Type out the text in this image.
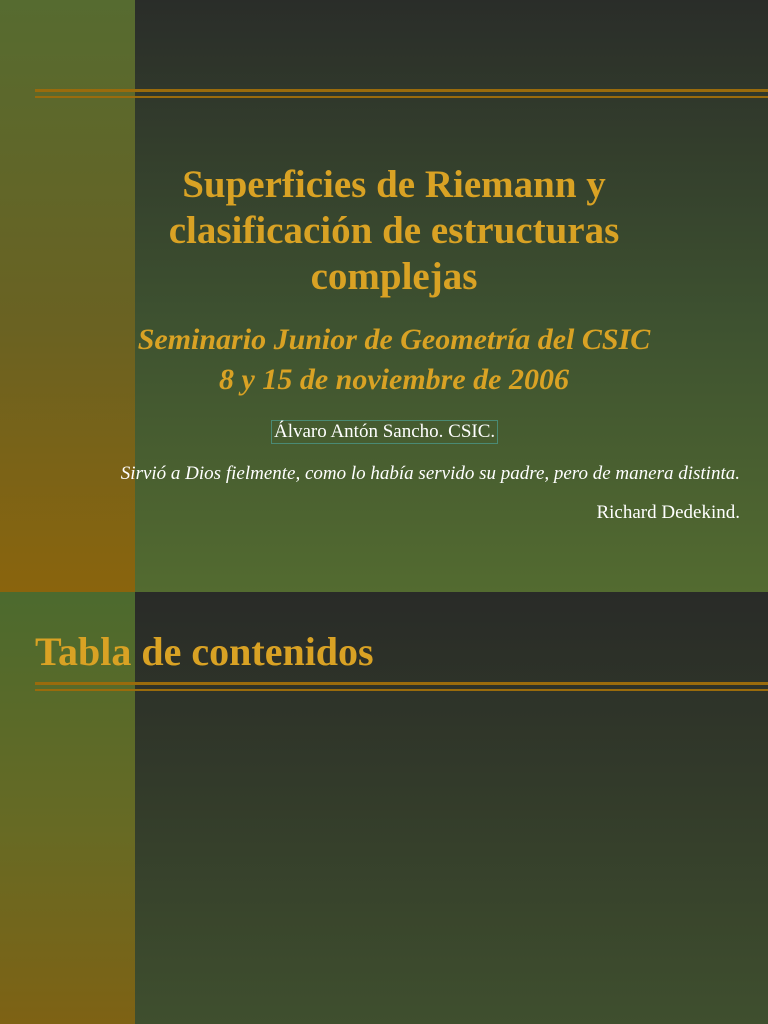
Superficies de Riemann y
clasificación de estructuras
complejas
Seminario Junior de Geometría del CSIC
8 y 15 de noviembre de 2006
Álvaro Antón Sancho. CSIC.
Sirvió a Dios fielmente, como lo había servido su padre, pero de manera distinta.
Richard Dedekind.
Tabla de contenidos
